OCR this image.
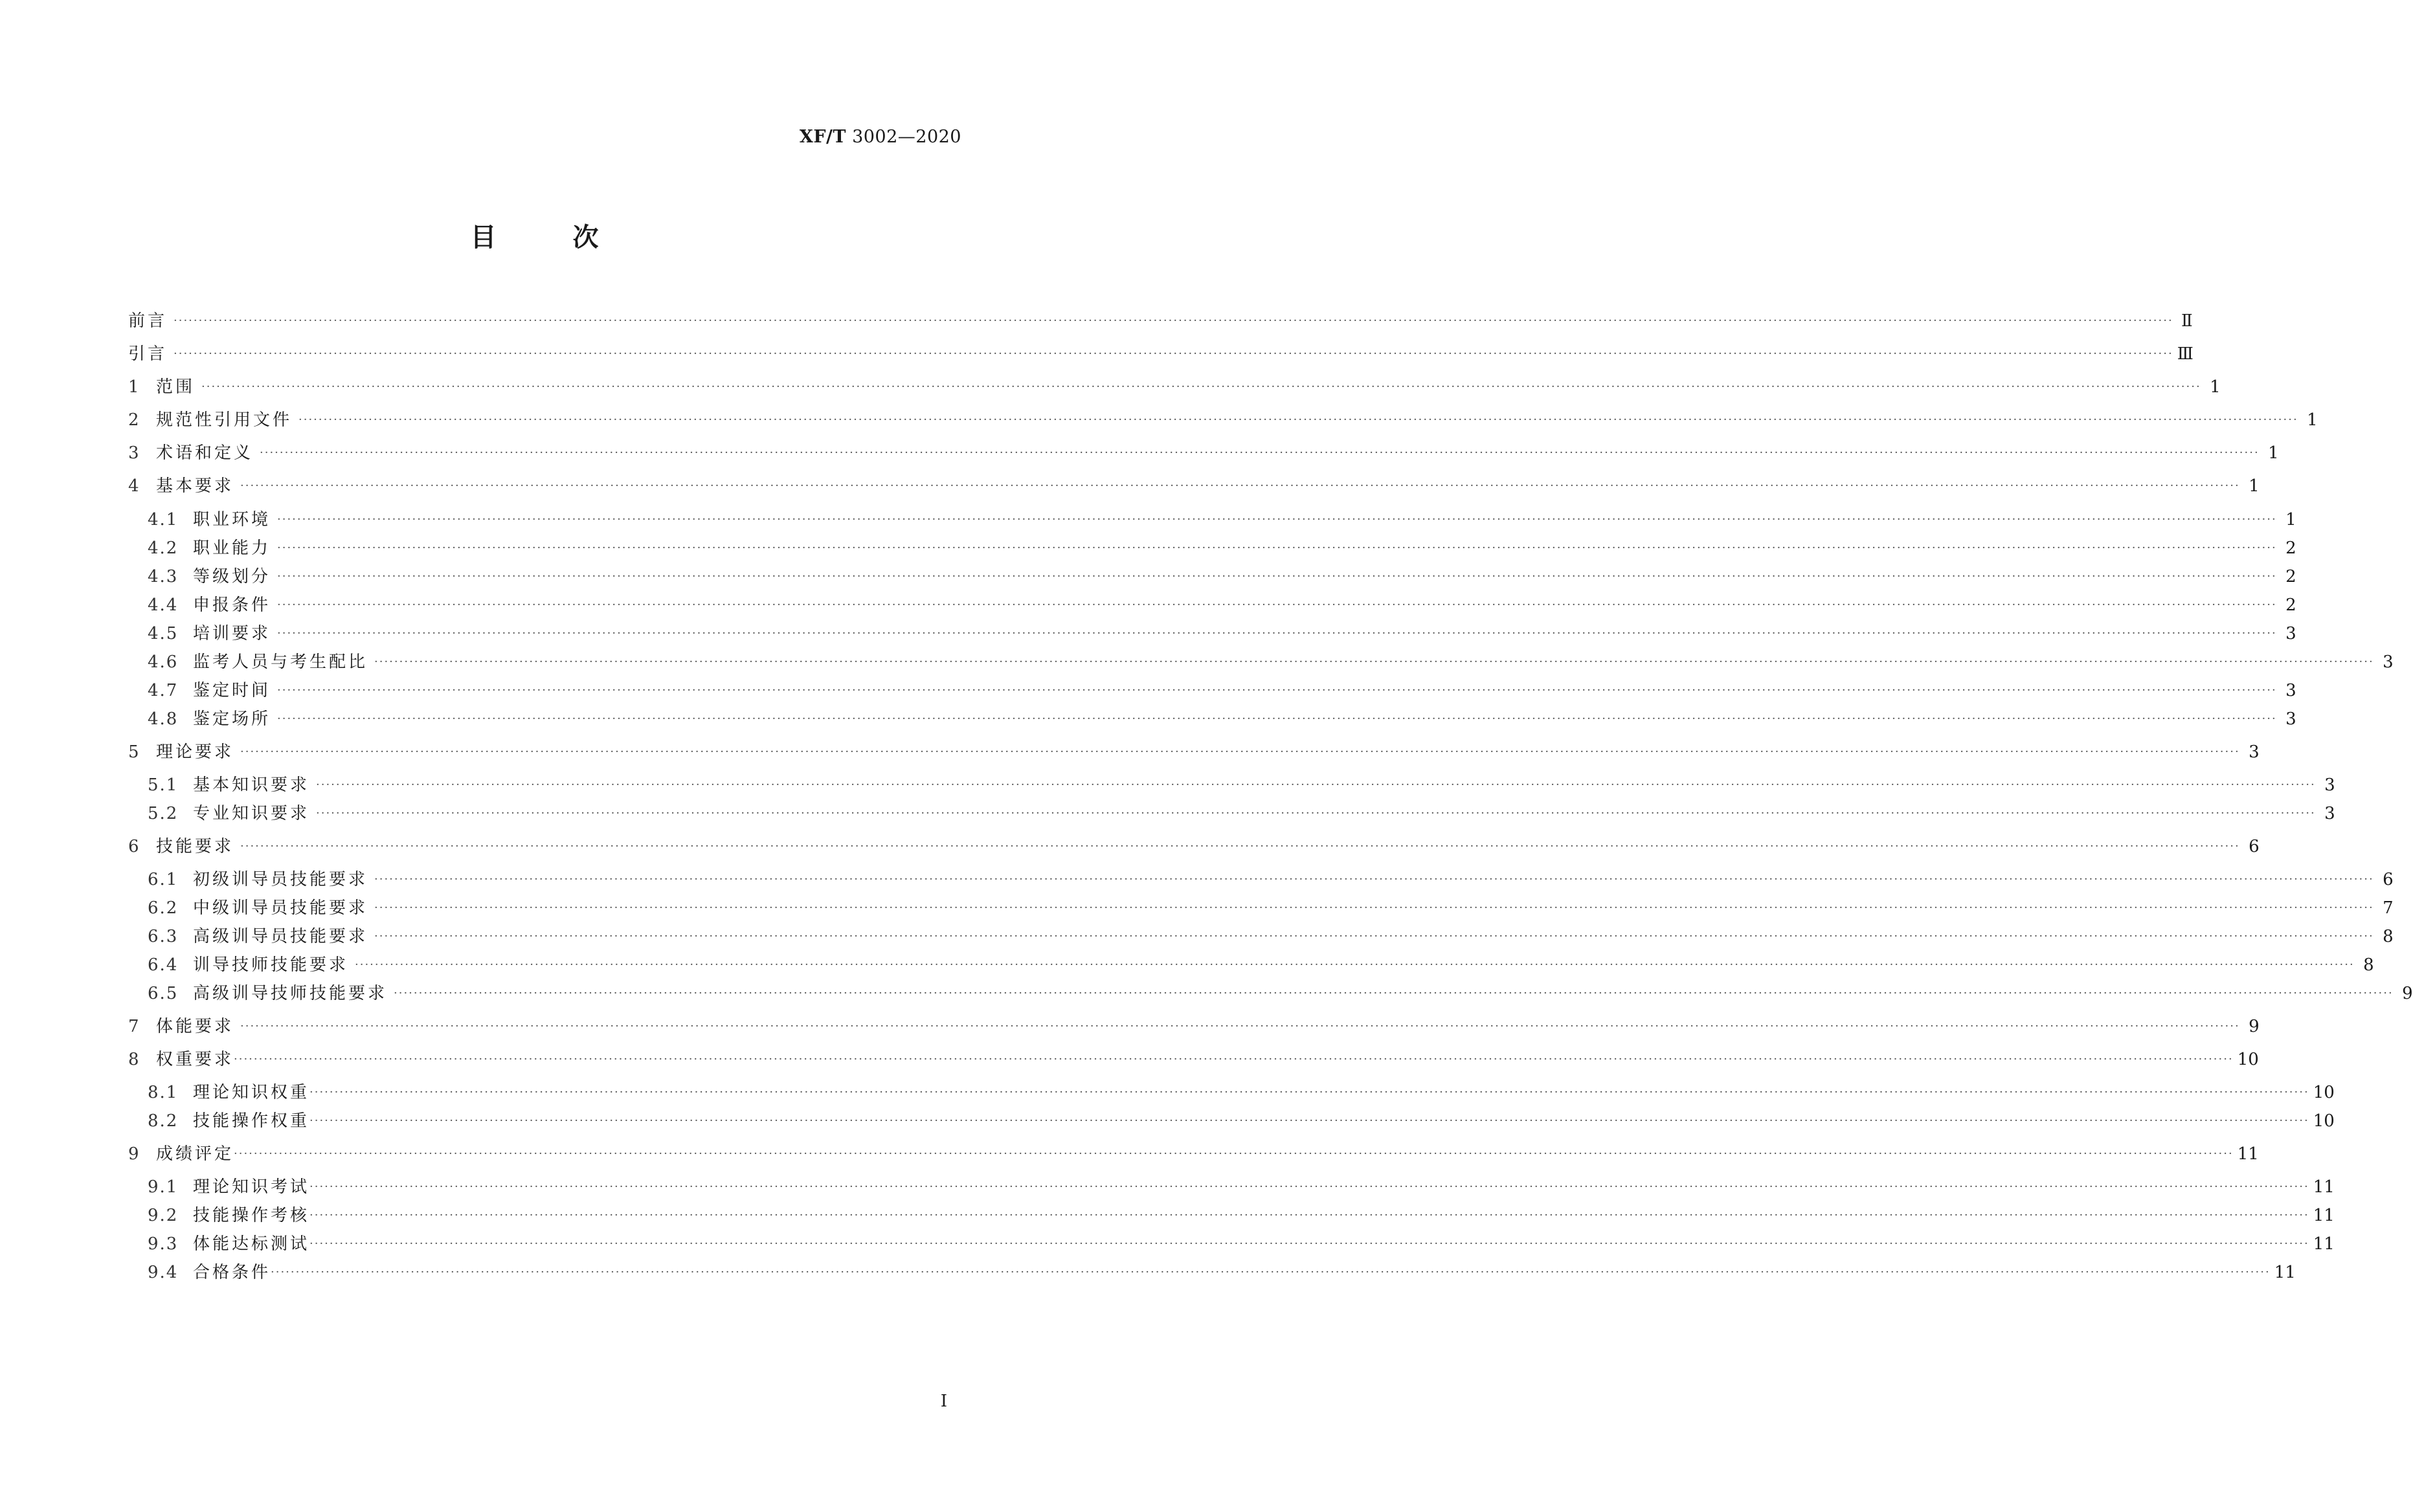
XF/T 3002—2020
目次
前言 ················································································································································································································································································································································································································ Ⅱ
引言 ················································································································································································································································································································································································································ Ⅲ
1 范围 ················································································································································································································································································································································································································ 1
2 规范性引用文件 ················································································································································································································································································································································································································ 1
3 术语和定义 ················································································································································································································································································································································································································ 1
4 基本要求 ················································································································································································································································································································································································································ 1
4.1 职业环境 ················································································································································································································································································································································································································ 1
4.2 职业能力 ················································································································································································································································································································································································································ 2
4.3 等级划分 ················································································································································································································································································································································································································ 2
4.4 申报条件 ················································································································································································································································································································································································································ 2
4.5 培训要求 ················································································································································································································································································································································································································ 3
4.6 监考人员与考生配比 ················································································································································································································································································································································································································ 3
4.7 鉴定时间 ················································································································································································································································································································································································································ 3
4.8 鉴定场所 ················································································································································································································································································································································································································ 3
5 理论要求 ················································································································································································································································································································································································································ 3
5.1 基本知识要求 ················································································································································································································································································································································································································ 3
5.2 专业知识要求 ················································································································································································································································································································································································································ 3
6 技能要求 ················································································································································································································································································································································································································ 6
6.1 初级训导员技能要求 ················································································································································································································································································································································································································ 6
6.2 中级训导员技能要求 ················································································································································································································································································································································································································ 7
6.3 高级训导员技能要求 ················································································································································································································································································································································································································ 8
6.4 训导技师技能要求 ················································································································································································································································································································································································································ 8
6.5 高级训导技师技能要求 ················································································································································································································································································································································································································ 9
7 体能要求 ················································································································································································································································································································································································································ 9
8 权重要求 ················································································································································································································································································································································································································ 10
8.1 理论知识权重 ················································································································································································································································································································································································································ 10
8.2 技能操作权重 ················································································································································································································································································································································································································ 10
9 成绩评定 ················································································································································································································································································································································································································ 11
9.1 理论知识考试 ················································································································································································································································································································································································································ 11
9.2 技能操作考核 ················································································································································································································································································································································································································ 11
9.3 体能达标测试 ················································································································································································································································································································································································································ 11
9.4 合格条件 ················································································································································································································································································································································································································ 11
I
